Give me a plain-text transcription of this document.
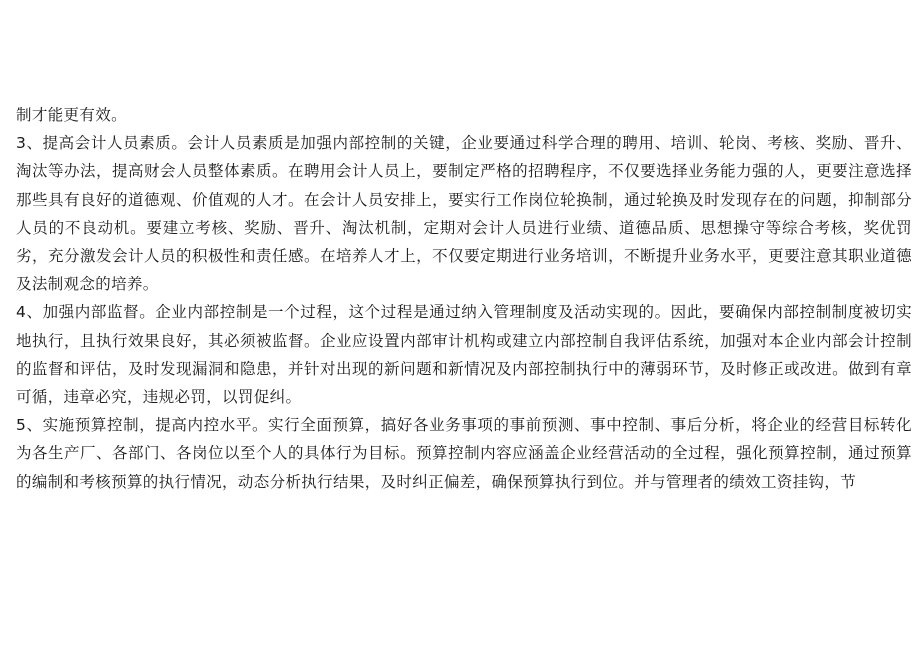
制才能更有效。

3、提高会计人员素质。会计人员素质是加强内部控制的关键，企业要通过科学合理的聘用、培训、轮岗、考核、奖励、晋升、淘汰等办法，提高财会人员整体素质。在聘用会计人员上，要制定严格的招聘程序，不仅要选择业务能力强的人，更要注意选择那些具有良好的道德观、价值观的人才。在会计人员安排上，要实行工作岗位轮换制，通过轮换及时发现存在的问题，抑制部分人员的不良动机。要建立考核、奖励、晋升、淘汰机制，定期对会计人员进行业绩、道德品质、思想操守等综合考核，奖优罚劣，充分激发会计人员的积极性和责任感。在培养人才上，不仅要定期进行业务培训，不断提升业务水平，更要注意其职业道德及法制观念的培养。

4、加强内部监督。企业内部控制是一个过程，这个过程是通过纳入管理制度及活动实现的。因此，要确保内部控制制度被切实地执行，且执行效果良好，其必须被监督。企业应设置内部审计机构或建立内部控制自我评估系统，加强对本企业内部会计控制的监督和评估，及时发现漏洞和隐患，并针对出现的新问题和新情况及内部控制执行中的薄弱环节，及时修正或改进。做到有章可循，违章必究，违规必罚，以罚促纠。

5、实施预算控制，提高内控水平。实行全面预算，搞好各业务事项的事前预测、事中控制、事后分析，将企业的经营目标转化为各生产厂、各部门、各岗位以至个人的具体行为目标。预算控制内容应涵盖企业经营活动的全过程，强化预算控制，通过预算的编制和考核预算的执行情况，动态分析执行结果，及时纠正偏差，确保预算执行到位。并与管理者的绩效工资挂钩，节
